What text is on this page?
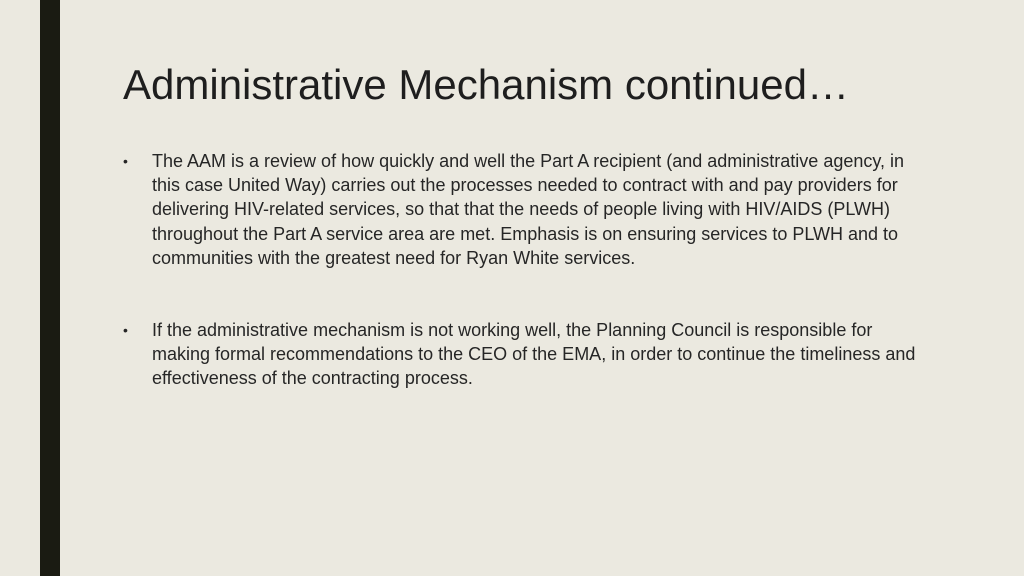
Administrative Mechanism continued…
• The AAM is a review of how quickly and well the Part A recipient (and administrative agency, in this case United Way) carries out the processes needed to contract with and pay providers for delivering HIV-related services, so that that the needs of people living with HIV/AIDS (PLWH) throughout the Part A service area are met. Emphasis is on ensuring services to PLWH and to communities with the greatest need for Ryan White services.
• If the administrative mechanism is not working well, the Planning Council is responsible for making formal recommendations to the CEO of the EMA, in order to continue the timeliness and effectiveness of the contracting process.
